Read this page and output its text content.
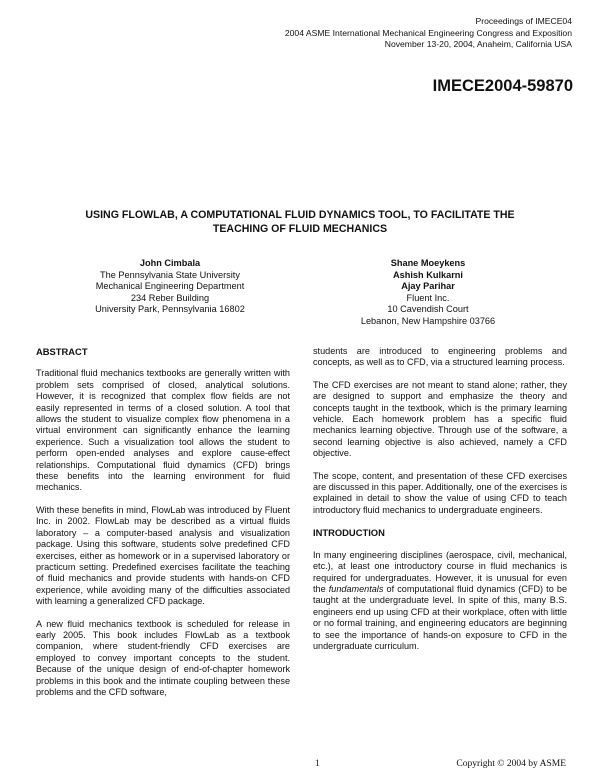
Proceedings of IMECE04
2004 ASME International Mechanical Engineering Congress and Exposition
November 13-20, 2004, Anaheim, California USA
IMECE2004-59870
USING FLOWLAB, A COMPUTATIONAL FLUID DYNAMICS TOOL, TO FACILITATE THE
TEACHING OF FLUID MECHANICS
John Cimbala
The Pennsylvania State University
Mechanical Engineering Department
234 Reber Building
University Park, Pennsylvania 16802
Shane Moeykens
Ashish Kulkarni
Ajay Parihar
Fluent Inc.
10 Cavendish Court
Lebanon, New Hampshire 03766
ABSTRACT

Traditional fluid mechanics textbooks are generally written with problem sets comprised of closed, analytical solutions. However, it is recognized that complex flow fields are not easily represented in terms of a closed solution. A tool that allows the student to visualize complex flow phenomena in a virtual environment can significantly enhance the learning experience. Such a visualization tool allows the student to perform open-ended analyses and explore cause-effect relationships. Computational fluid dynamics (CFD) brings these benefits into the learning environment for fluid mechanics.

With these benefits in mind, FlowLab was introduced by Fluent Inc. in 2002. FlowLab may be described as a virtual fluids laboratory – a computer-based analysis and visualization package. Using this software, students solve predefined CFD exercises, either as homework or in a supervised laboratory or practicum setting. Predefined exercises facilitate the teaching of fluid mechanics and provide students with hands-on CFD experience, while avoiding many of the difficulties associated with learning a generalized CFD package.

A new fluid mechanics textbook is scheduled for release in early 2005. This book includes FlowLab as a textbook companion, where student-friendly CFD exercises are employed to convey important concepts to the student. Because of the unique design of end-of-chapter homework problems in this book and the intimate coupling between these problems and the CFD software,

students are introduced to engineering problems and concepts, as well as to CFD, via a structured learning process.

The CFD exercises are not meant to stand alone; rather, they are designed to support and emphasize the theory and concepts taught in the textbook, which is the primary learning vehicle. Each homework problem has a specific fluid mechanics learning objective. Through use of the software, a second learning objective is also achieved, namely a CFD objective.

The scope, content, and presentation of these CFD exercises are discussed in this paper. Additionally, one of the exercises is explained in detail to show the value of using CFD to teach introductory fluid mechanics to undergraduate engineers.

INTRODUCTION

In many engineering disciplines (aerospace, civil, mechanical, etc.), at least one introductory course in fluid mechanics is required for undergraduates. However, it is unusual for even the fundamentals of computational fluid dynamics (CFD) to be taught at the undergraduate level. In spite of this, many B.S. engineers end up using CFD at their workplace, often with little or no formal training, and engineering educators are beginning to see the importance of hands-on exposure to CFD in the undergraduate curriculum.

1	Copyright © 2004 by ASME
